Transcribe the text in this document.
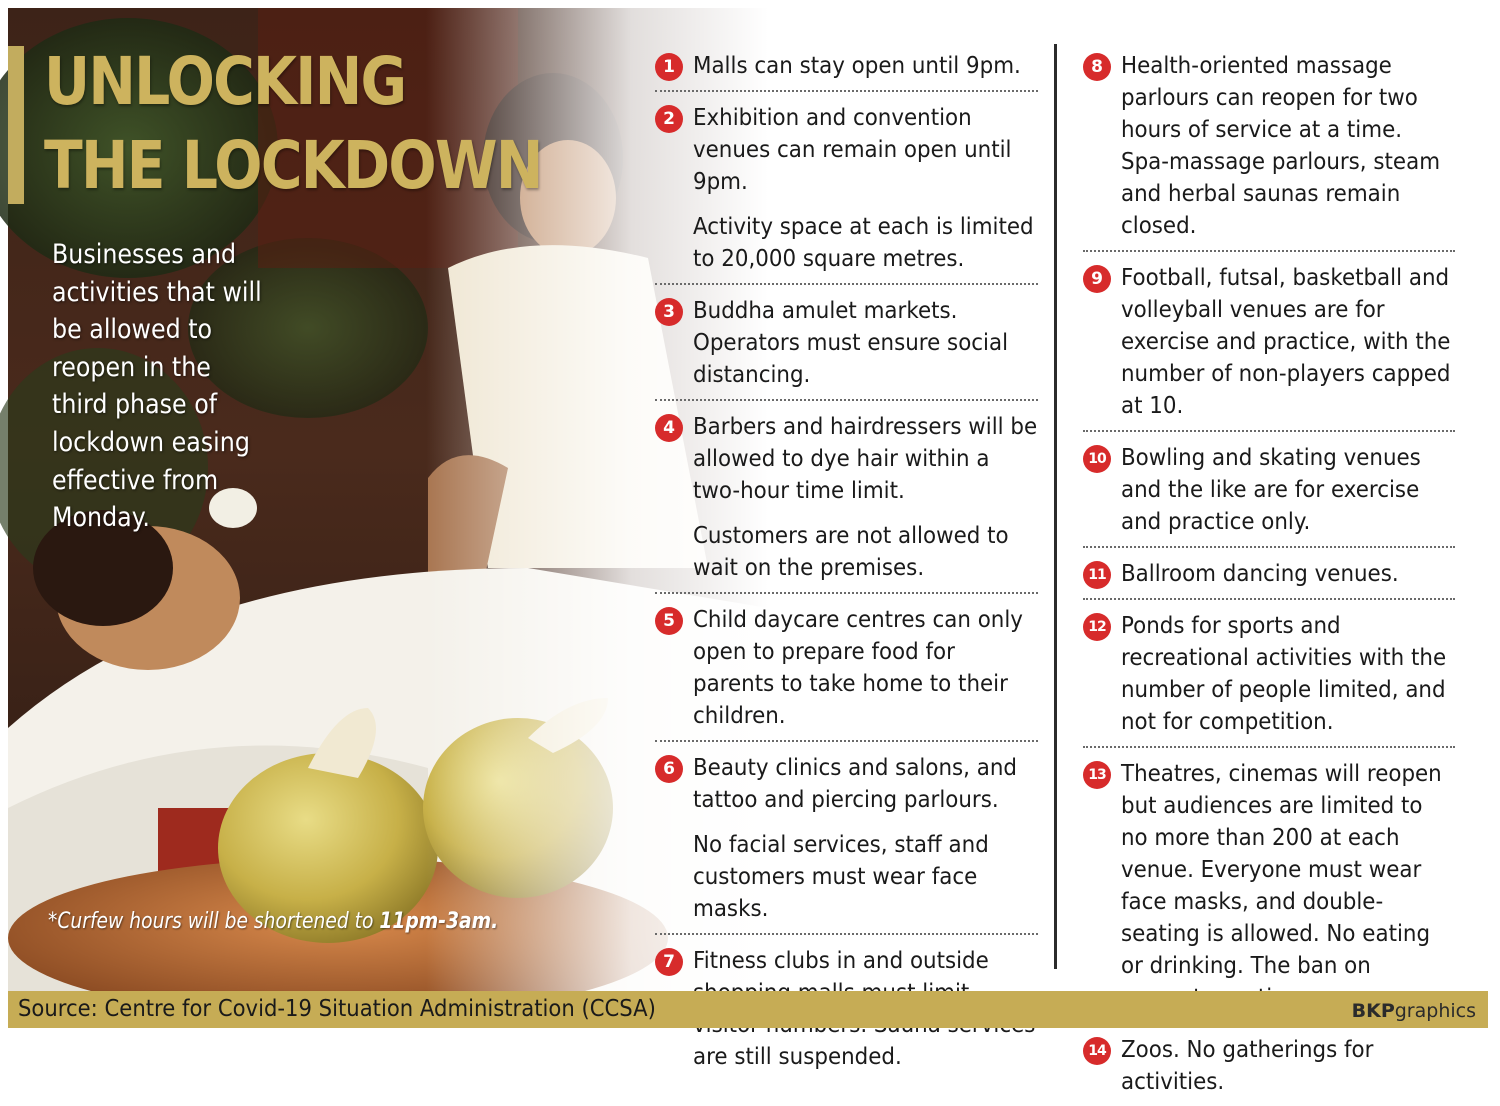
UNLOCKING
THE LOCKDOWN
Businesses and activities that will be allowed to reopen in the third phase of lockdown easing effective from Monday.
*Curfew hours will be shortened to 11pm-3am.
1 Malls can stay open until 9pm.

2 Exhibition and convention venues can remain open until 9pm.

Activity space at each is limited to 20,000 square metres.

3 Buddha amulet markets. Operators must ensure social distancing.

4 Barbers and hairdressers will be allowed to dye hair within a two-hour time limit.

Customers are not allowed to wait on the premises.

5 Child daycare centres can only open to prepare food for parents to take home to their children.

6 Beauty clinics and salons, and tattoo and piercing parlours.

No facial services, staff and customers must wear face masks.

7 Fitness clubs in and outside are still suspended.

8 Health-oriented massage parlours can reopen for two hours of service at a time. Spa-massage parlours, steam and herbal saunas remain closed.

9 Football, futsal, basketball and volleyball venues are for exercise and practice, with the number of non-players capped at 10.

10 Bowling and skating venues and the like are for exercise and practice only.

11 Ballroom dancing venues.

12 Ponds for sports and recreational activities with the number of people limited, and not for competition.

13 Theatres, cinemas will reopen but audiences are limited to no more than 200 at each venue. Everyone must wear face masks, and double-seating is allowed. No eating or drinking. The ban on

14 Zoos. No gatherings for activities.

Source: Centre for Covid-19 Situation Administration (CCSA)	BKPgraphics
